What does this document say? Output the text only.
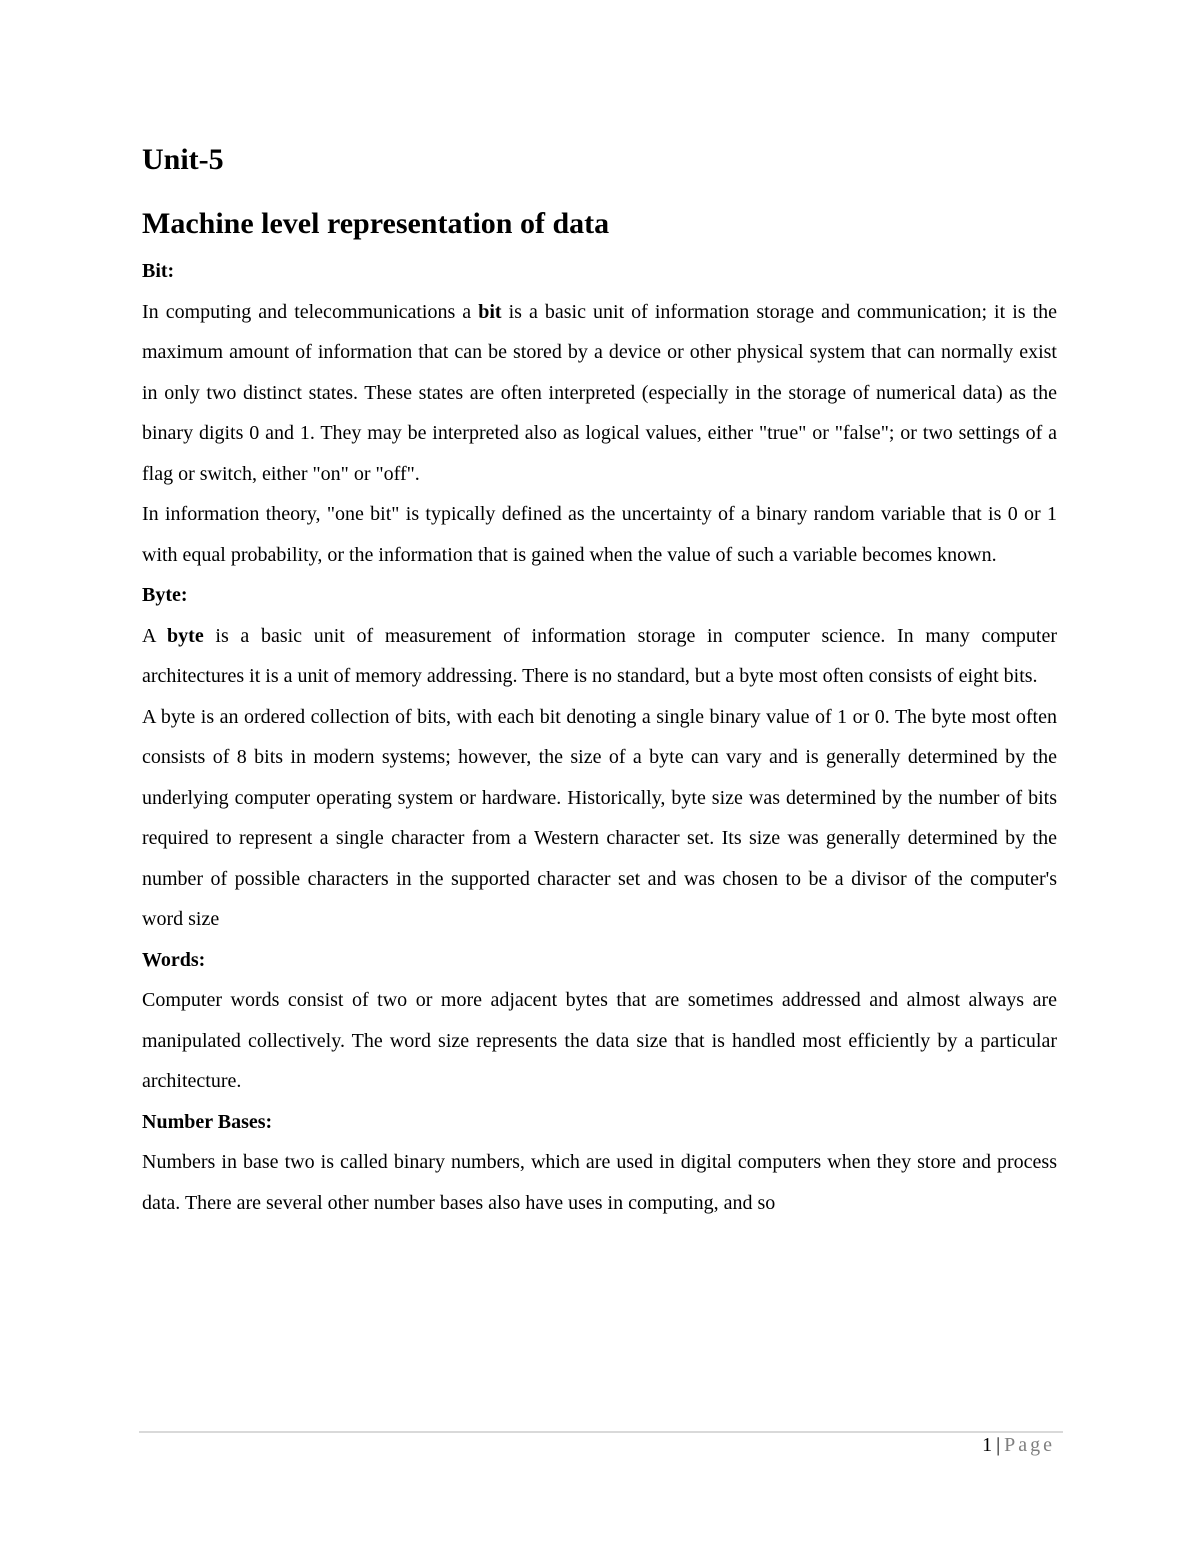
Unit-5
Machine level representation of data
Bit:

In computing and telecommunications a bit is a basic unit of information storage and communication; it is the maximum amount of information that can be stored by a device or other physical system that can normally exist in only two distinct states. These states are often interpreted (especially in the storage of numerical data) as the binary digits 0 and 1. They may be interpreted also as logical values, either "true" or "false"; or two settings of a flag or switch, either "on" or "off".

In information theory, "one bit" is typically defined as the uncertainty of a binary random variable that is 0 or 1 with equal probability, or the information that is gained when the value of such a variable becomes known.

Byte:

A byte is a basic unit of measurement of information storage in computer science. In many computer architectures it is a unit of memory addressing. There is no standard, but a byte most often consists of eight bits.

A byte is an ordered collection of bits, with each bit denoting a single binary value of 1 or 0. The byte most often consists of 8 bits in modern systems; however, the size of a byte can vary and is generally determined by the underlying computer operating system or hardware. Historically, byte size was determined by the number of bits required to represent a single character from a Western character set. Its size was generally determined by the number of possible characters in the supported character set and was chosen to be a divisor of the computer's word size

Words:

Computer words consist of two or more adjacent bytes that are sometimes addressed and almost always are manipulated collectively. The word size represents the data size that is handled most efficiently by a particular architecture.

Number Bases:

Numbers in base two is called binary numbers, which are used in digital computers when they store and process data. There are several other number bases also have uses in computing, and so

1 | Page
